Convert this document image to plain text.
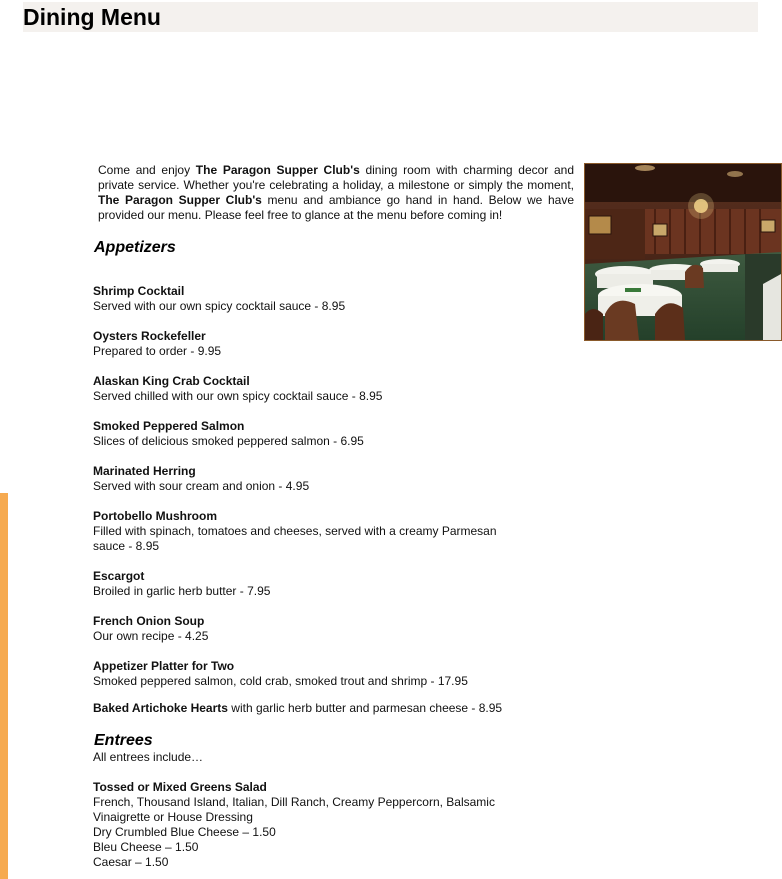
Dining Menu

Come and enjoy The Paragon Supper Club's dining room with charming decor and private service. Whether you're celebrating a holiday, a milestone or simply the moment, The Paragon Supper Club's menu and ambiance go hand in hand. Below we have provided our menu. Please feel free to glance at the menu before coming in!

Appetizers
Shrimp Cocktail
Served with our own spicy cocktail sauce - 8.95
Oysters Rockefeller
Prepared to order - 9.95
Alaskan King Crab Cocktail
Served chilled with our own spicy cocktail sauce - 8.95
Smoked Peppered Salmon
Slices of delicious smoked peppered salmon - 6.95
Marinated Herring
Served with sour cream and onion - 4.95
Portobello Mushroom
Filled with spinach, tomatoes and cheeses, served with a creamy Parmesan sauce - 8.95
Escargot
Broiled in garlic herb butter - 7.95
French Onion Soup
Our own recipe - 4.25
Appetizer Platter for Two
Smoked peppered salmon, cold crab, smoked trout and shrimp - 17.95
Baked Artichoke Hearts with garlic herb butter and parmesan cheese - 8.95
Entrees
All entrees include…
Tossed or Mixed Greens Salad
French, Thousand Island, Italian, Dill Ranch, Creamy Peppercorn, Balsamic
Vinaigrette or House Dressing
Dry Crumbled Blue Cheese – 1.50
Bleu Cheese – 1.50
Caesar – 1.50
